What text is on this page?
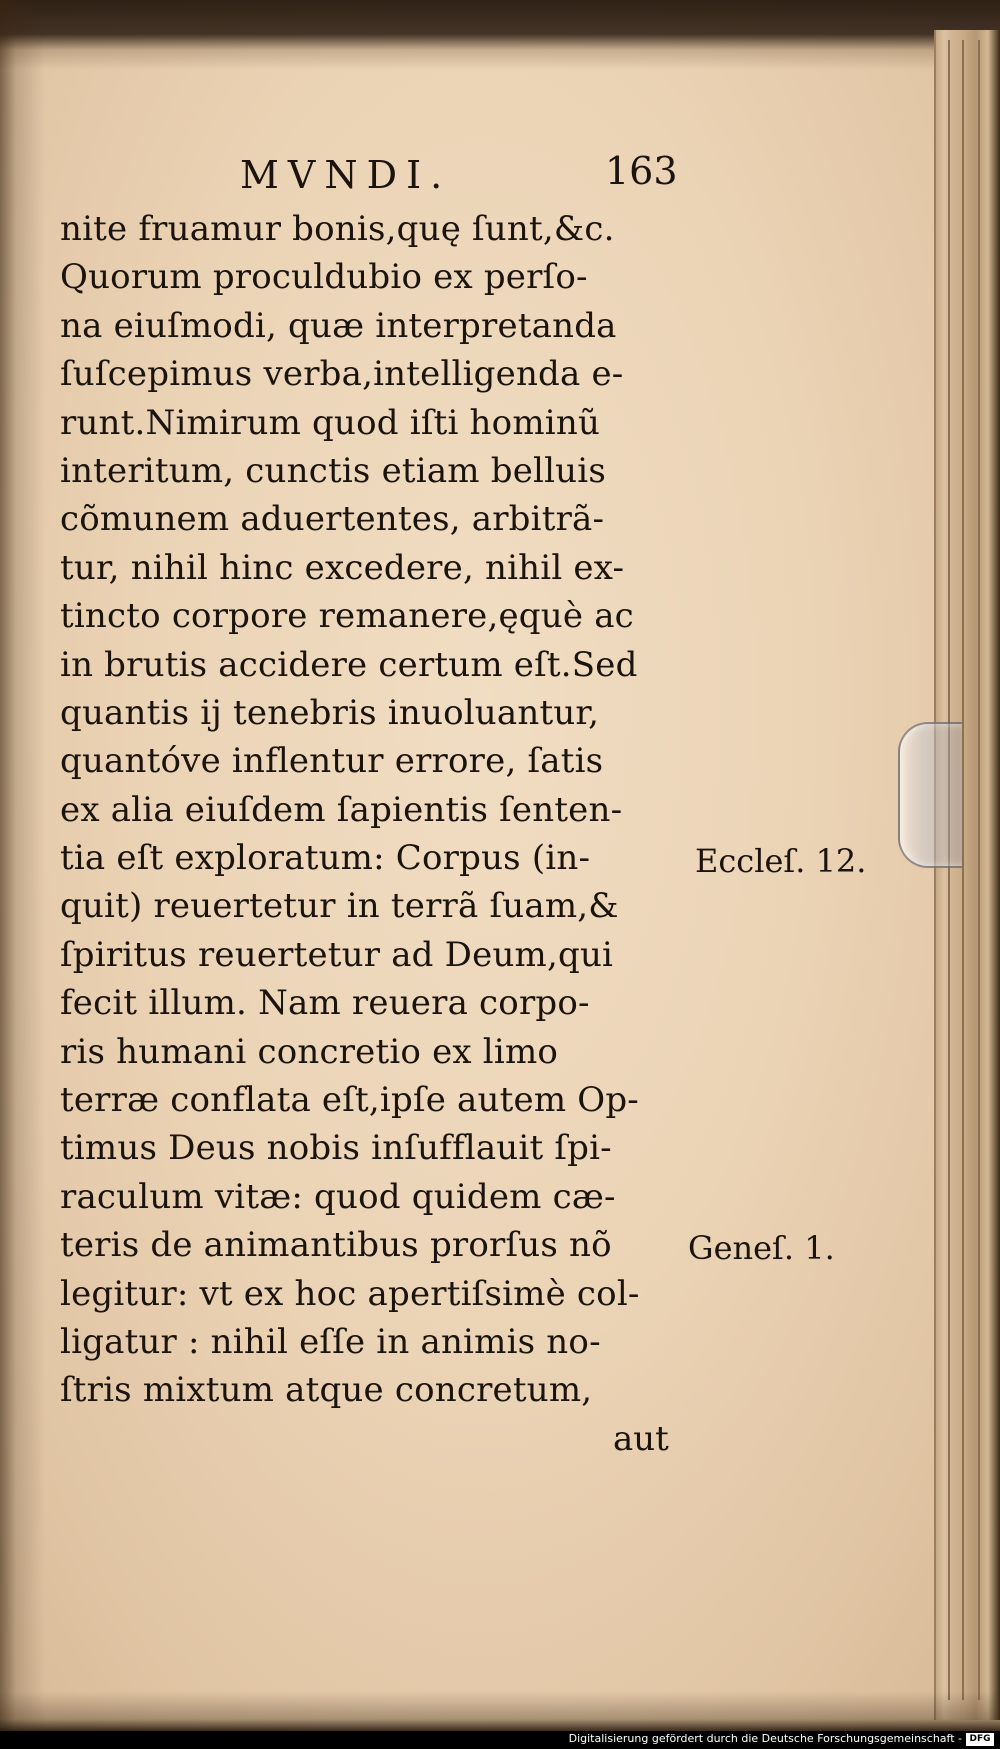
MVNDI.	163
nite fruamur bonis,quę ſunt,&c.
Quorum proculdubio ex perſo-
na eiuſmodi, quæ interpretanda
ſuſcepimus verba,intelligenda e-
runt.Nimirum quod iſti hominũ
interitum, cunctis etiam belluis
cõmunem aduertentes, arbitrã-
tur, nihil hinc excedere, nihil ex-
tincto corpore remanere,ęquè ac
in brutis accidere certum eſt.Sed
quantis ij tenebris inuoluantur,
quantóve inflentur errore, ſatis
ex alia eiuſdem ſapientis ſenten-
tia eſt exploratum: Corpus (in-
quit) reuertetur in terrã ſuam,&
ſpiritus reuertetur ad Deum,qui
fecit illum. Nam reuera corpo-
ris humani concretio ex limo
terræ conflata eſt,ipſe autem Op-
timus Deus nobis inſufflauit ſpi-
raculum vitæ: quod quidem cæ-
teris de animantibus prorſus nõ
legitur: vt ex hoc apertiſsimè col-
ligatur : nihil eſſe in animis no-
ſtris mixtum atque concretum,
aut
Eccleſ. 12.
Geneſ. 1.
Digitalisierung gefördert durch die Deutsche Forschungsgemeinschaft - DFG
